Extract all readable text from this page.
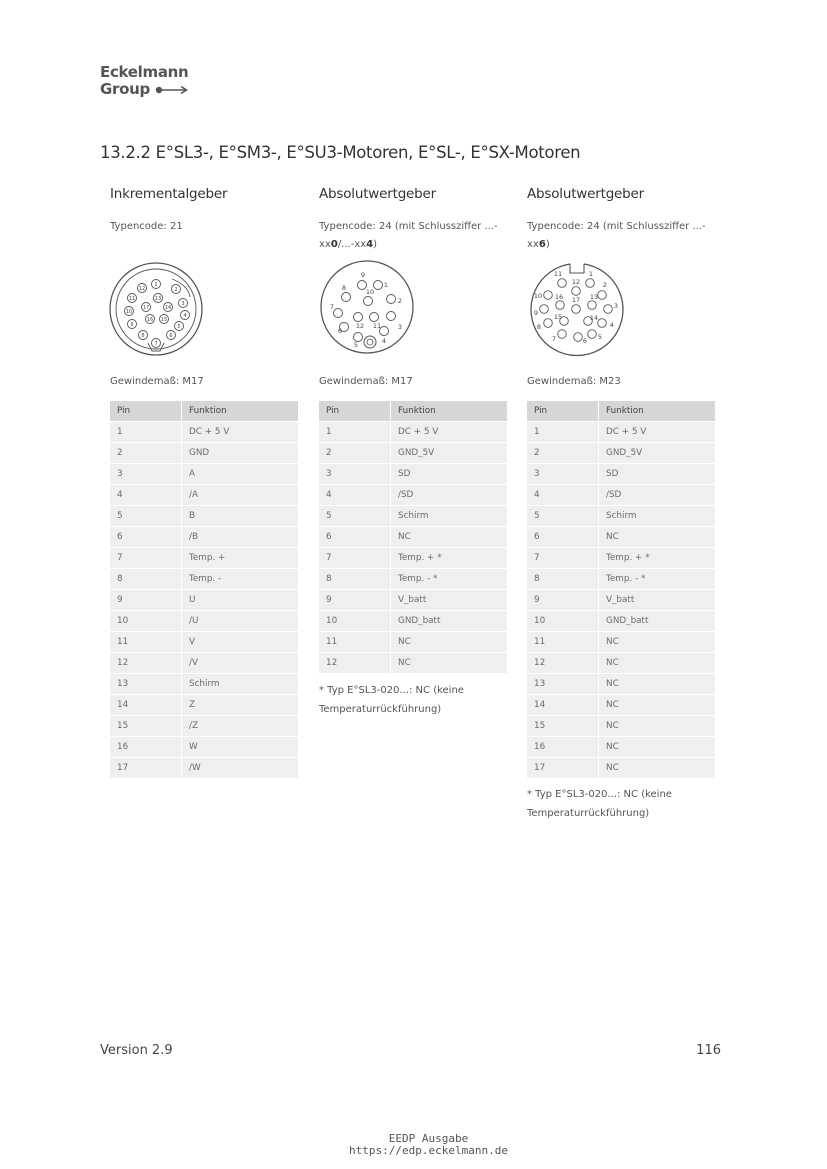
Eckelmann
Group
13.2.2 E°SL3-, E°SM3-, E°SU3-Motoren, E°SL-, E°SX-Motoren
Inkrementalgeber
Typencode: 21
1
2
3
4
5
6
7
8
9
10
11
12
13
14
15
16
17
Gewindemaß: M17
Pin	Funktion
1	DC + 5 V
2	GND
3	A
4	/A
5	B
6	/B
7	Temp. +
8	Temp. -
9	U
10	/U
11	V
12	/V
13	Schirm
14	Z
15	/Z
16	W
17	/W
Absolutwertgeber
Typencode: 24 (mit Schlussziffer ...-
xx0/...-xx4)
1
2
3
4
5
6
7
8
9
10
11
12
Gewindemaß: M17
Pin	Funktion
1	DC + 5 V
2	GND_5V
3	SD
4	/SD
5	Schirm
6	NC
7	Temp. + *
8	Temp. - *
9	V_batt
10	GND_batt
11	NC
12	NC
* Typ E°SL3-020...: NC (keine
Temperaturrückführung)
Absolutwertgeber
Typencode: 24 (mit Schlussziffer ...-
xx6)
1
2
3
4
5
6
7
8
9
10
11
12
13
14
15
16 17
Gewindemaß: M23
Pin	Funktion
1	DC + 5 V
2	GND_5V
3	SD
4	/SD
5	Schirm
6	NC
7	Temp. + *
8	Temp. - *
9	V_batt
10	GND_batt
11	NC
12	NC
13	NC
14	NC
15	NC
16	NC
17	NC
* Typ E°SL3-020...: NC (keine
Temperaturrückführung)
Version 2.9	116
EEDP Ausgabe
https://edp.eckelmann.de
